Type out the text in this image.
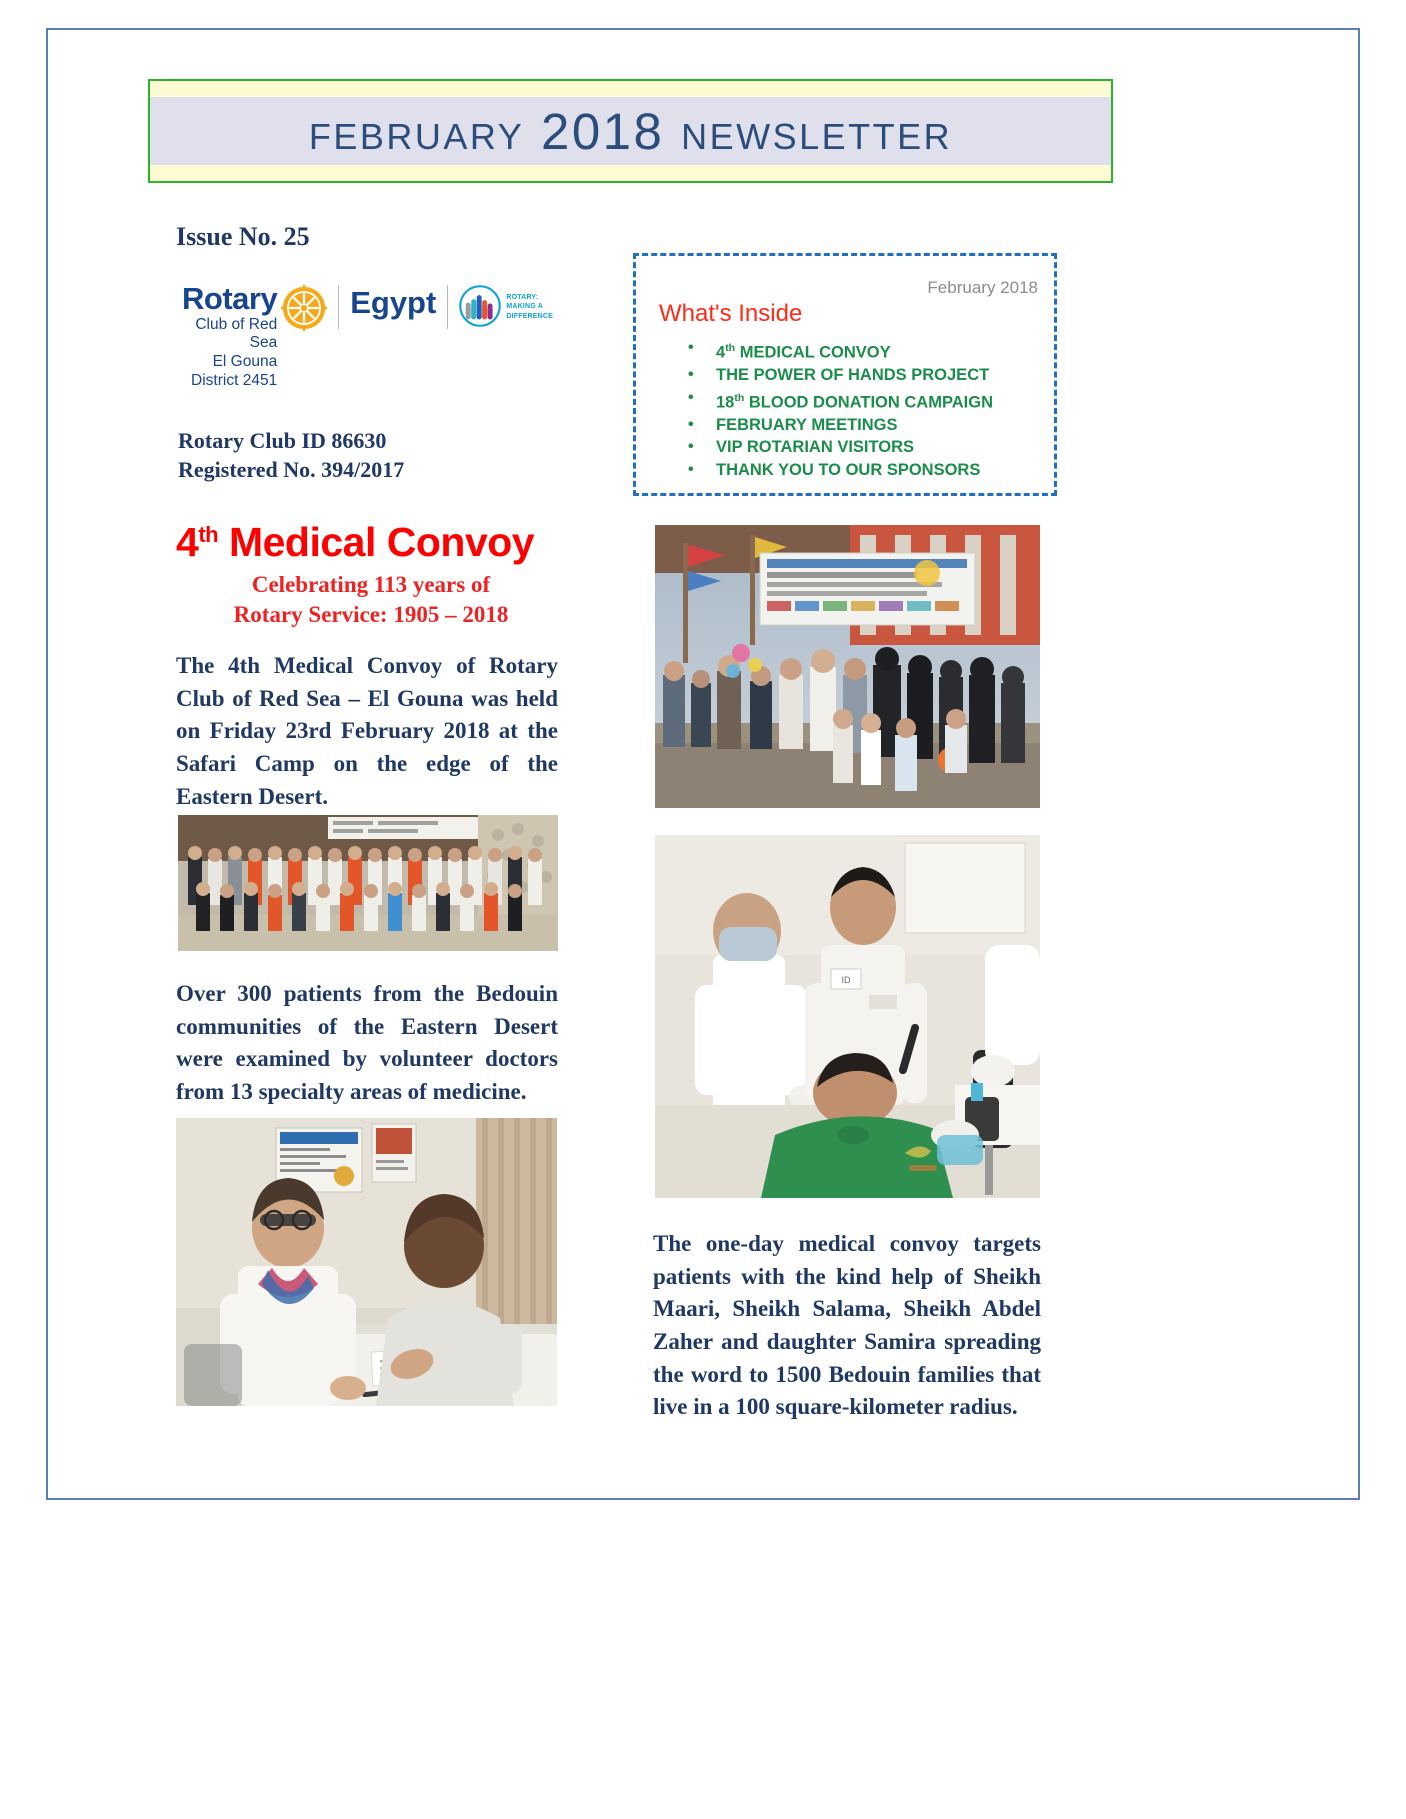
february 2018 newsletter
Issue No. 25
Rotary
Club of Red Sea
El Gouna
District 2451
Egypt	ROTARY:
MAKING A
DIFFERENCE
Rotary Club ID 86630
Registered No. 394/2017
February 2018
What's Inside
• 4th MEDICAL CONVOY
• THE POWER OF HANDS PROJECT
• 18th BLOOD DONATION CAMPAIGN
• FEBRUARY MEETINGS
• VIP ROTARIAN VISITORS
• THANK YOU TO OUR SPONSORS
4th Medical Convoy
Celebrating 113 years of
Rotary Service: 1905 – 2018
The 4th Medical Convoy of Rotary Club of Red Sea – El Gouna was held on Friday 23rd February 2018 at the Safari Camp on the edge of the Eastern Desert.
Over 300 patients from the Bedouin communities of the Eastern Desert were examined by volunteer doctors from 13 specialty areas of medicine.
The one-day medical convoy targets patients with the kind help of Sheikh Maari, Sheikh Salama, Sheikh Abdel Zaher and daughter Samira spreading the word to 1500 Bedouin families that live in a 100 square-kilometer radius.
ID
